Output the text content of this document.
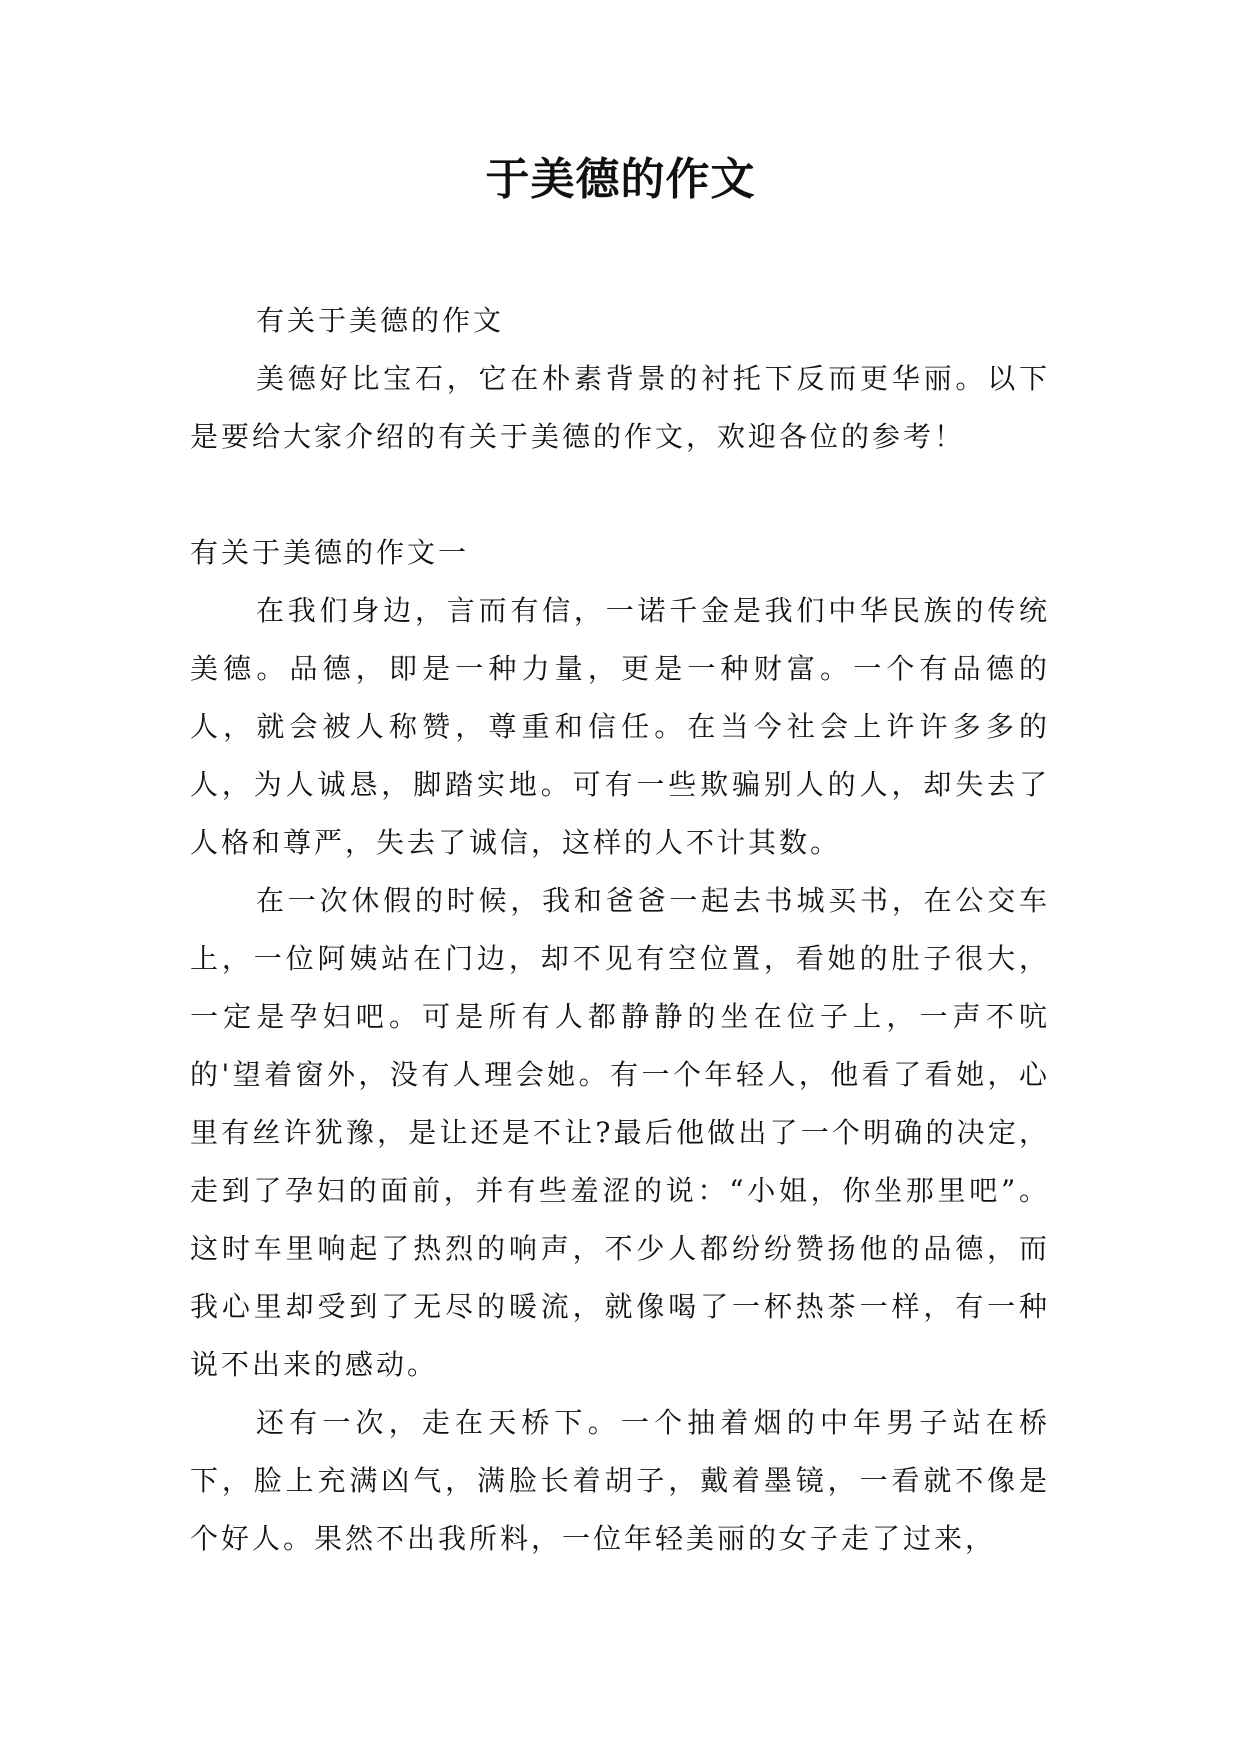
于美德的作文

有关于美德的作文

美德好比宝石，它在朴素背景的衬托下反而更华丽。以下是要给大家介绍的有关于美德的作文，欢迎各位的参考！

有关于美德的作文一

在我们身边，言而有信，一诺千金是我们中华民族的传统美德。品德，即是一种力量，更是一种财富。一个有品德的人，就会被人称赞，尊重和信任。在当今社会上许许多多的人，为人诚恳，脚踏实地。可有一些欺骗别人的人，却失去了人格和尊严，失去了诚信，这样的人不计其数。

在一次休假的时候，我和爸爸一起去书城买书，在公交车上，一位阿姨站在门边，却不见有空位置，看她的肚子很大，一定是孕妇吧。可是所有人都静静的坐在位子上，一声不吭的'望着窗外，没有人理会她。有一个年轻人，他看了看她，心里有丝许犹豫，是让还是不让?最后他做出了一个明确的决定，走到了孕妇的面前，并有些羞涩的说：“小姐，你坐那里吧”。这时车里响起了热烈的响声，不少人都纷纷赞扬他的品德，而我心里却受到了无尽的暖流，就像喝了一杯热茶一样，有一种说不出来的感动。

还有一次，走在天桥下。一个抽着烟的中年男子站在桥下，脸上充满凶气，满脸长着胡子，戴着墨镜，一看就不像是个好人。果然不出我所料，一位年轻美丽的女子走了过来，
